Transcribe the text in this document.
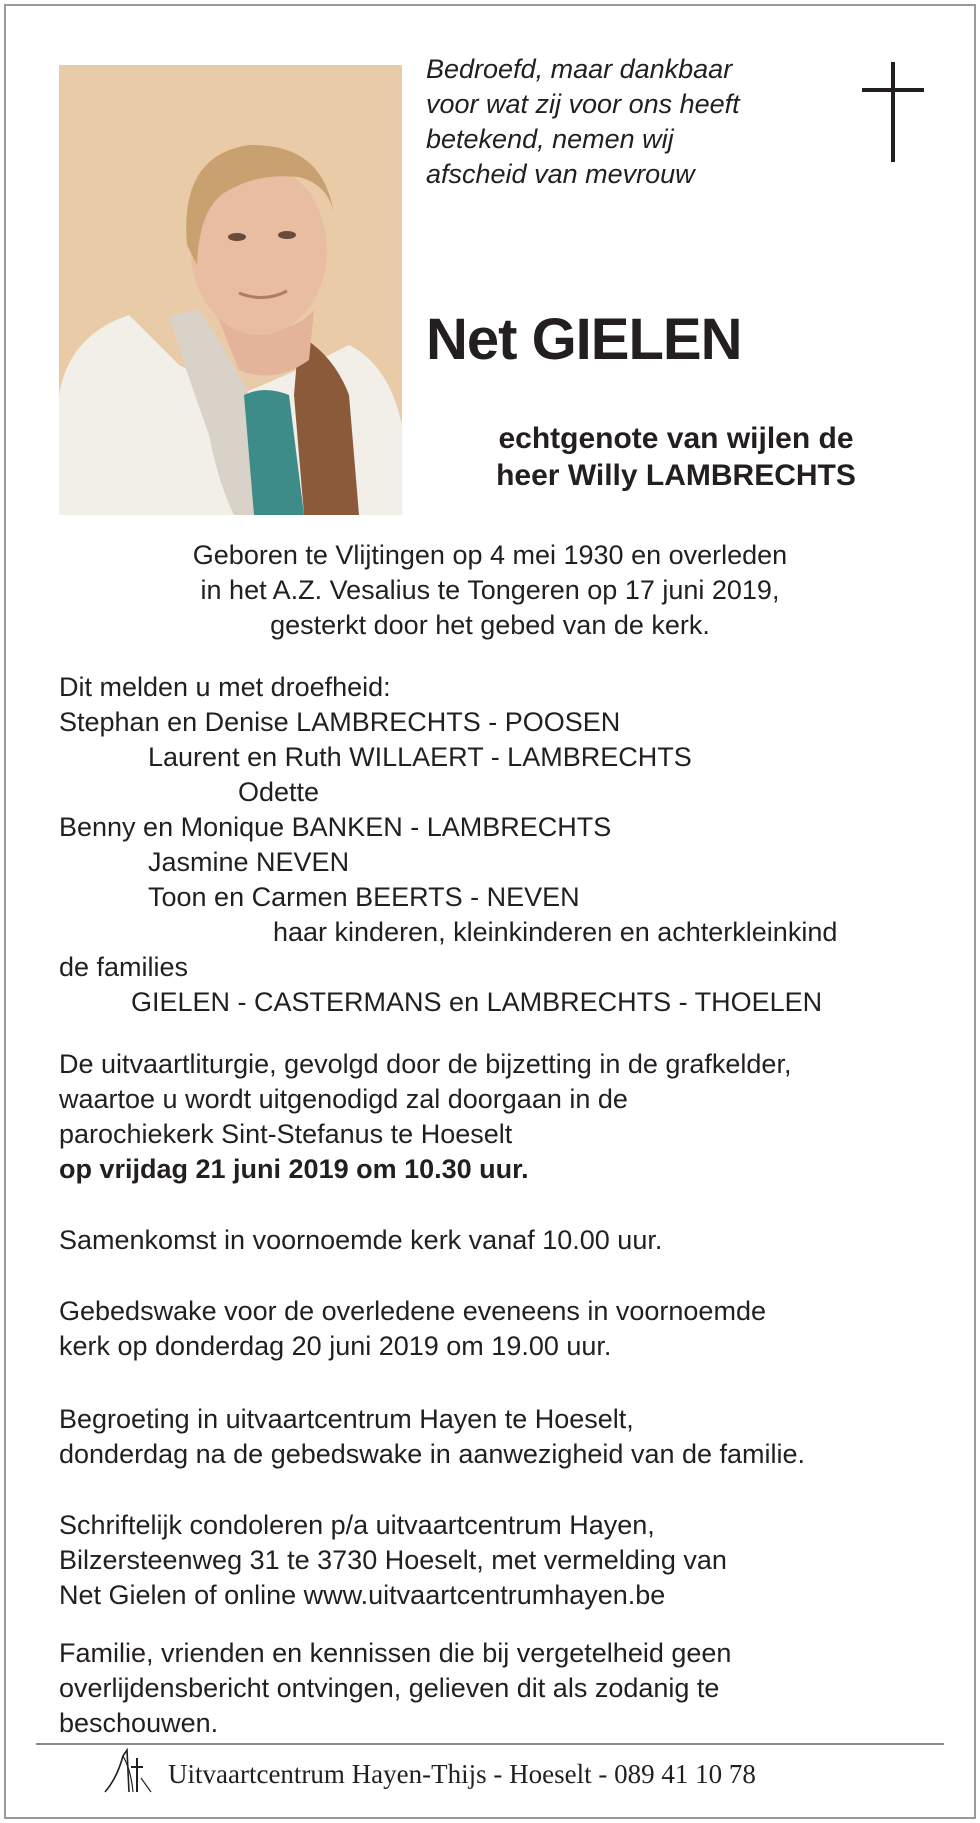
Bedroefd, maar dankbaar
voor wat zij voor ons heeft
betekend, nemen wij
afscheid van mevrouw
Net GIELEN
echtgenote van wijlen de
heer Willy LAMBRECHTS
Geboren te Vlijtingen op 4 mei 1930 en overleden
in het A.Z. Vesalius te Tongeren op 17 juni 2019,
gesterkt door het gebed van de kerk.
Dit melden u met droefheid:
Stephan en Denise LAMBRECHTS - POOSEN
Laurent en Ruth WILLAERT - LAMBRECHTS
Odette
Benny en Monique BANKEN - LAMBRECHTS
Jasmine NEVEN
Toon en Carmen BEERTS - NEVEN
haar kinderen, kleinkinderen en achterkleinkind
de families
GIELEN - CASTERMANS en LAMBRECHTS - THOELEN
De uitvaartliturgie, gevolgd door de bijzetting in de grafkelder,
waartoe u wordt uitgenodigd zal doorgaan in de
parochiekerk Sint-Stefanus te Hoeselt
op vrijdag 21 juni 2019 om 10.30 uur.
Samenkomst in voornoemde kerk vanaf 10.00 uur.
Gebedswake voor de overledene eveneens in voornoemde
kerk op donderdag 20 juni 2019 om 19.00 uur.
Begroeting in uitvaartcentrum Hayen te Hoeselt,
donderdag na de gebedswake in aanwezigheid van de familie.
Schriftelijk condoleren p/a uitvaartcentrum Hayen,
Bilzersteenweg 31 te 3730 Hoeselt, met vermelding van
Net Gielen of online www.uitvaartcentrumhayen.be
Familie, vrienden en kennissen die bij vergetelheid geen
overlijdensbericht ontvingen, gelieven dit als zodanig te
beschouwen.
Uitvaartcentrum Hayen-Thijs - Hoeselt - 089 41 10 78
